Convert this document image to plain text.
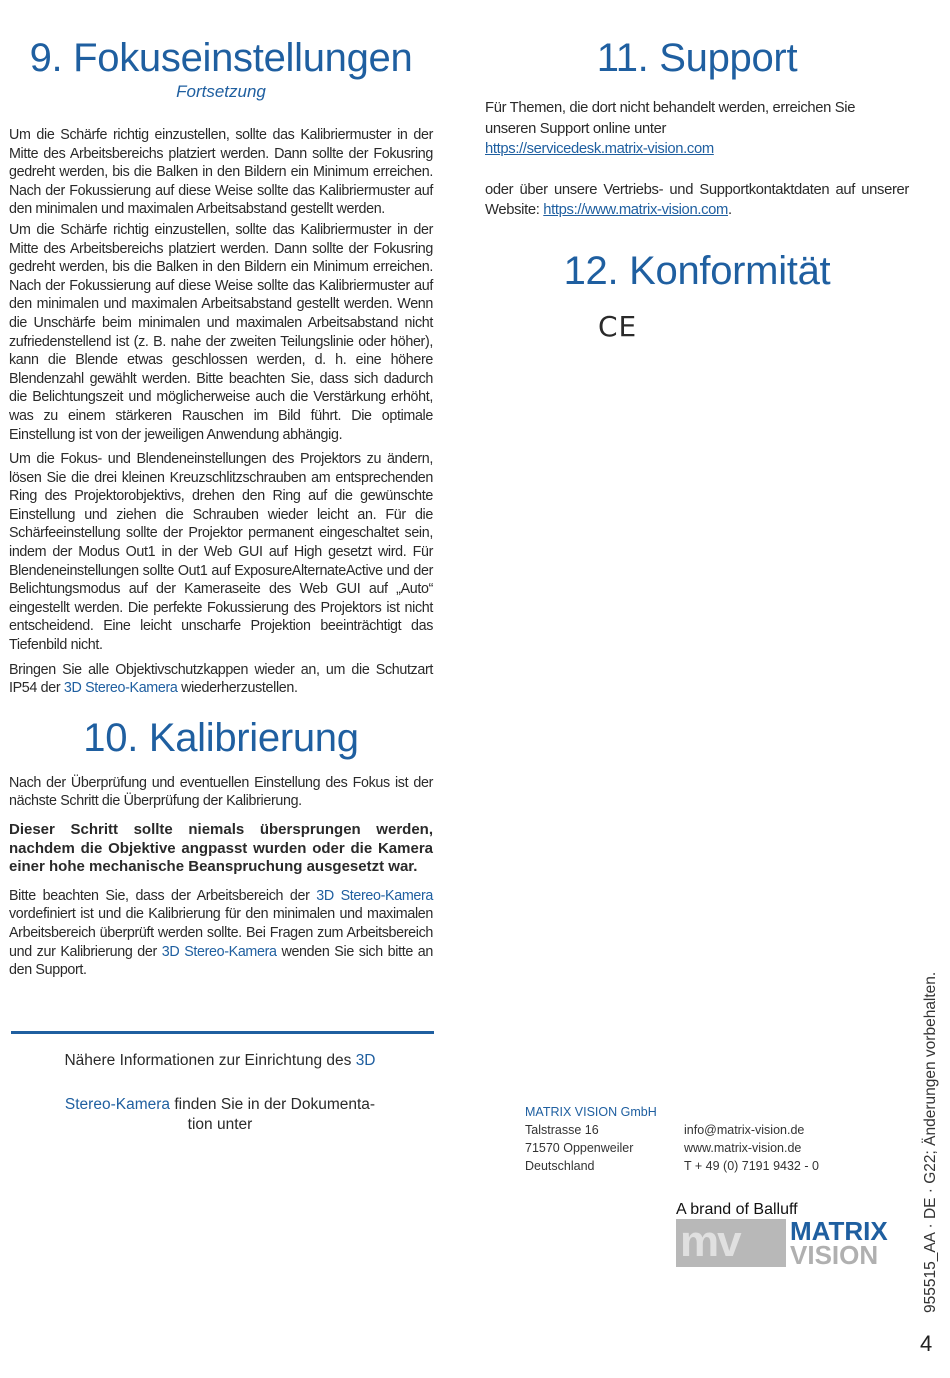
9. Fokuseinstellungen
Fortsetzung

Um die Schärfe richtig einzustellen, sollte das Kalibriermuster in der Mitte des Arbeitsbereichs platziert werden. Dann sollte der Fokusring gedreht werden, bis die Balken in den Bildern ein Minimum erreichen. Nach der Fokussierung auf diese Weise sollte das Kalibriermuster auf den minimalen und maximalen Arbeitsabstand gestellt werden.

Um die Schärfe richtig einzustellen, sollte das Kalibriermuster in der Mitte des Arbeitsbereichs platziert werden. Dann sollte der Fokusring gedreht werden, bis die Balken in den Bildern ein Minimum erreichen. Nach der Fokussierung auf diese Weise sollte das Kalibriermuster auf den minimalen und maximalen Arbeitsabstand gestellt werden. Wenn die Unschärfe beim minimalen und maximalen Arbeitsabstand nicht zufriedenstellend ist (z. B. nahe der zweiten Teilungslinie oder höher), kann die Blende etwas geschlossen werden, d. h. eine höhere Blendenzahl gewählt werden. Bitte beachten Sie, dass sich dadurch die Belichtungszeit und möglicherweise auch die Verstärkung erhöht, was zu einem stärkeren Rauschen im Bild führt. Die optimale Einstellung ist von der jeweiligen Anwendung abhängig.

Um die Fokus- und Blendeneinstellungen des Projektors zu ändern, lösen Sie die drei kleinen Kreuzschlitzschrauben am entsprechenden Ring des Projektorobjektivs, drehen den Ring auf die gewünschte Einstellung und ziehen die Schrauben wieder leicht an. Für die Schärfeeinstellung sollte der Projektor permanent eingeschaltet sein, indem der Modus Out1 in der Web GUI auf High gesetzt wird. Für Blendeneinstellungen sollte Out1 auf ExposureAlternateActive und der Belichtungsmodus auf der Kameraseite des Web GUI auf „Auto“ eingestellt werden. Die perfekte Fokussierung des Projektors ist nicht entscheidend. Eine leicht unscharfe Projektion beeinträchtigt das Tiefenbild nicht.

Bringen Sie alle Objektivschutzkappen wieder an, um die Schutzart IP54 der 3D Stereo-Kamera wiederherzustellen.

10. Kalibrierung

Nach der Überprüfung und eventuellen Einstellung des Fokus ist der nächste Schritt die Überprüfung der Kalibrierung.

Dieser Schritt sollte niemals übersprungen werden, nachdem die Objektive angpasst wurden oder die Kamera einer hohe mechanische Beanspruchung ausgesetzt war.

Bitte beachten Sie, dass der Arbeitsbereich der 3D Stereo-Kamera vordefiniert ist und die Kalibrierung für den minimalen und maximalen Arbeitsbereich überprüft werden sollte. Bei Fragen zum Arbeitsbereich und zur Kalibrierung der 3D Stereo-Kamera wenden Sie sich bitte an den Support.

Nähere Informationen zur Einrichtung des 3D
Stereo-Kamera finden Sie in der Dokumenta-
tion unter
11. Support

Für Themen, die dort nicht behandelt werden, erreichen Sie unseren Support online unter
https://servicedesk.matrix-vision.com

oder über unsere Vertriebs- und Supportkontaktdaten auf unserer Website: https://www.matrix-vision.com.

12. Konformität
CE
MATRIX VISION GmbH
Talstrasse 16
71570 Oppenweiler
Deutschland
info@matrix-vision.de
www.matrix-vision.de
T + 49 (0) 7191 9432 - 0
A brand of Balluff
mv MATRIX
VISION	955515_AA · DE · G22; Änderungen vorbehalten.
4
